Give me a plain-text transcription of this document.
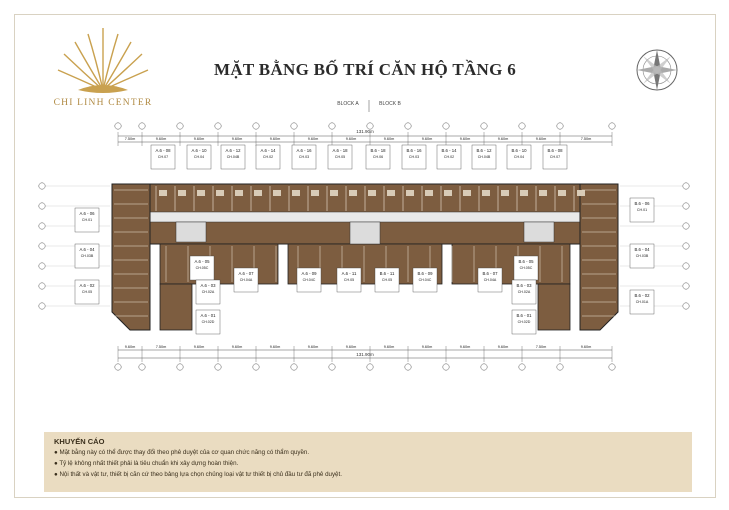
CHI LINH CENTER
MẶT BẰNG BỐ TRÍ CĂN HỘ TẦNG 6
BLOCK A	BLOCK B
131.90m
7.50m	9.60m	9.60m	9.60m	9.60m	9.60m	9.60m	9.60m	9.60m	9.60m	9.60m	9.60m	7.50m
131.90m
9.60m	7.50m	9.60m	9.60m	9.60m	9.60m	9.60m	9.60m	9.60m	9.60m	9.60m	7.50m	9.60m
A.6 - 08
CH.07
A.6 - 10
CH.04
A.6 - 12
CH.04B
A.6 - 14
CH.02
A.6 - 16
CH.03
A.6 - 18
CH.05
B.6 - 18
CH.06
B.6 - 16
CH.03
B.6 - 14
CH.02
B.6 - 12
CH.04B
B.6 - 10
CH.04
B.6 - 08
CH.07
A.6 - 06
CH.01
A.6 - 04
CH.03B
A.6 - 02
CH.05
B.6 - 06
CH.01
B.6 - 04
CH.03B
B.6 - 02
CH.01A
A.6 - 05
CH.05C
A.6 - 07
CH.04A
A.6 - 09
CH.04C
A.6 - 11
CH.05
B.6 - 11
CH.05
B.6 - 09
CH.04C
B.6 - 07
CH.04A
B.6 - 05
CH.05C
A.6 - 03
CH.02A
A.6 - 01
CH.02D
B.6 - 03
CH.02A
B.6 - 01
CH.02D
KHUYẾN CÁO
● Mặt bằng này có thể được thay đổi theo phê duyệt của cơ quan chức năng có thẩm quyền.
● Tỷ lệ không nhất thiết phải là tiêu chuẩn khi xây dựng hoàn thiện.
● Nội thất và vật tư, thiết bị căn cứ theo bảng lựa chọn chủng loại vật tư thiết bị chủ đầu tư đã phê duyệt.
